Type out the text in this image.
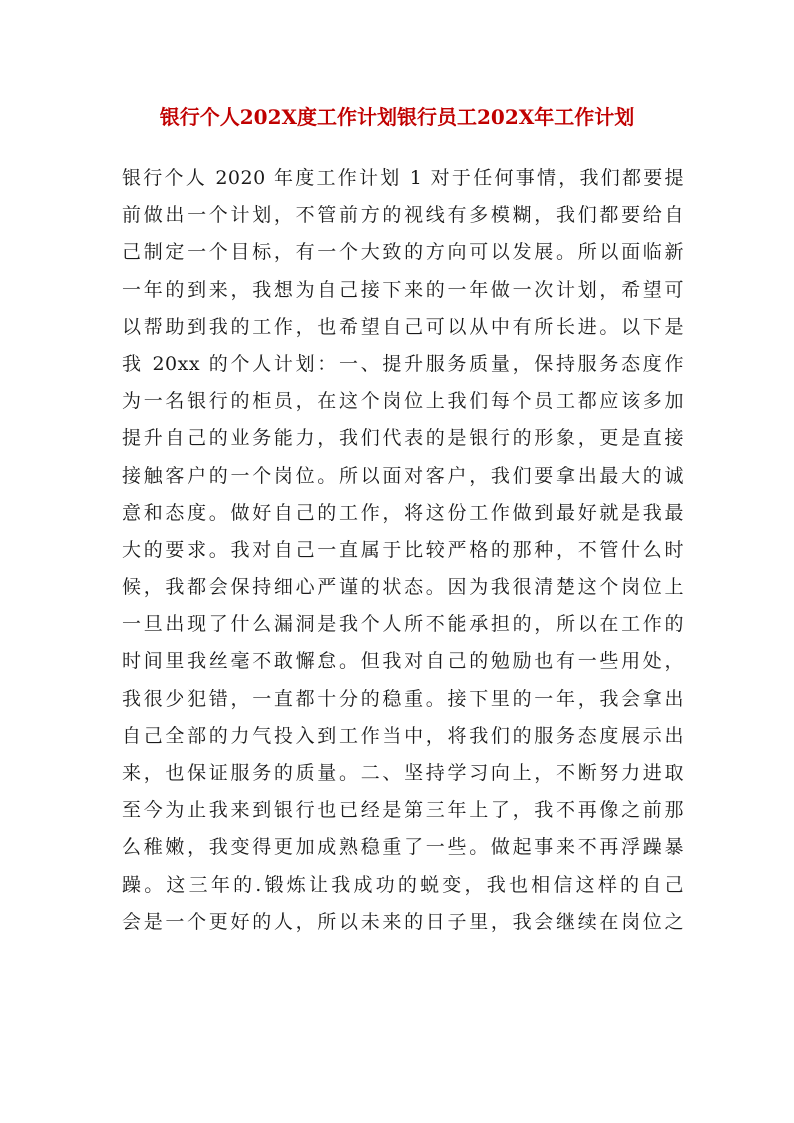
银行个人202X度工作计划银行员工202X年工作计划
银行个人 2020 年度工作计划 1 对于任何事情，我们都要提
前做出一个计划，不管前方的视线有多模糊，我们都要给自
己制定一个目标，有一个大致的方向可以发展。所以面临新
一年的到来，我想为自己接下来的一年做一次计划，希望可
以帮助到我的工作，也希望自己可以从中有所长进。以下是
我 20xx 的个人计划：一、提升服务质量，保持服务态度作
为一名银行的柜员，在这个岗位上我们每个员工都应该多加
提升自己的业务能力，我们代表的是银行的形象，更是直接
接触客户的一个岗位。所以面对客户，我们要拿出最大的诚
意和态度。做好自己的工作，将这份工作做到最好就是我最
大的要求。我对自己一直属于比较严格的那种，不管什么时
候，我都会保持细心严谨的状态。因为我很清楚这个岗位上
一旦出现了什么漏洞是我个人所不能承担的，所以在工作的
时间里我丝毫不敢懈怠。但我对自己的勉励也有一些用处，
我很少犯错，一直都十分的稳重。接下里的一年，我会拿出
自己全部的力气投入到工作当中，将我们的服务态度展示出
来，也保证服务的质量。二、坚持学习向上，不断努力进取
至今为止我来到银行也已经是第三年上了，我不再像之前那
么稚嫩，我变得更加成熟稳重了一些。做起事来不再浮躁暴
躁。这三年的.锻炼让我成功的蜕变，我也相信这样的自己
会是一个更好的人，所以未来的日子里，我会继续在岗位之
